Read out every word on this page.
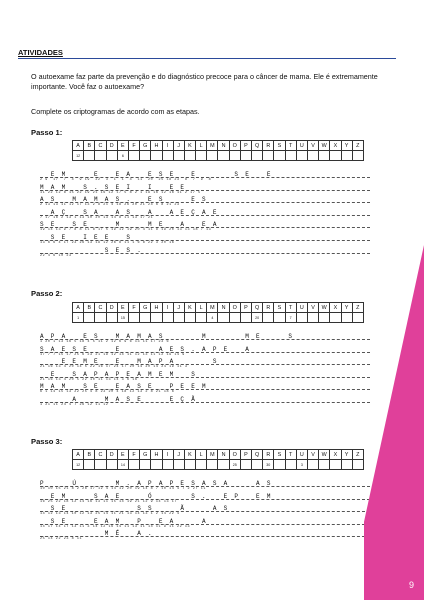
ATIVIDADES
O autoexame faz parte da prevenção e do diagnóstico precoce para o câncer de mama. Ele é extremamente importante. Você faz o autoexame?
Complete os criptogramas de acordo com as etapas.
Passo 1:
A	B	C	D	E	F	G	H	I	J	K	L	M	N	O	P	Q	R	S	T	U	V	W	X	Y	Z
12				6																					
E M     E   E A   E S E   E       S E   E
2 9  17  7  4  9 19  22  3  1  1  4  11  20  25 18 23  8  7  9  8
M A M   S . S E I   I   E E
11 22 12 8 15 22 19 21 16 12 17 5 8 2 1 19 16 12 16 11 2 17 5
A S   M A M A S .   E S     E S
2 13 13 11 12 17 13 2 8 21 4 18 26 20 21 24 6 8 21 23
A Ç   S A   A S   A   A E Ç A E
7 17 18 2 13 1 13 10 20 13 14 8 11 13 17 21
S E   S E     M     M E   A   E A
19 14 13 9 7 8 8 11 8 17 5 19 12 19 20 4 11 8 19 20 13 13 18 7 13
S E   I E E   S
13 6 6 4 17 23 26 13 19 12 26 8 11 1 6 8 22 3 20 16
S E S .
22 4 6 10 23
Passo 2:
A	B	C	D	E	F	G	H	I	J	K	L	M	N	O	P	Q	R	S	T	U	V	W	X	Y	Z
1				15								4				20			7						
A P A   E S   M A M A S       M       M E     S
1 20 1 13 16 5 18 4 5 11 2 12 6 9 6 13 11 17 23 6
S A E S E     E       A E S . A P E   A
17 7 7 15 17 25 6 23 21 19 12 14 11 12 13 11 12 19 14 9
E E M E   E   M A P A       S
21 16 13 4 20 14 5 22 16 17 24 17 20 14 20 14 24 19 11 3
E   S A P A P E A M E M   S
21 16 13 4 20 5 22 10 11 13 14 3 6 16
M A M   S E   E A S E   P E E M
6 1 14 15 13 22 25 4 8 23 20 4 18 12 13 2 8 21 18 6
A     M A S E     E Ç Ã
1 21 11 24 4 7 26 12 11 12
Passo 3:
A	B	C	D	E	F	G	H	I	J	K	L	M	N	O	P	Q	R	S	T	U	V	W	X	Y	Z
12				14										25			30			3					
P     Ú       M . A P A P E S A S A     A S
10 10 15 21 8 2 26 17 12 4 14 12 20 19 14 8 7 10 14 4 7 2 27 11
E M     S A E     Ó       S .   E P   E M
16 25 22 18 12 14 16 13 11 15 14 19 21 12 9 14 13 17
S E             S S     Ã     A S
14 12 13 14 10 12 13 25 14 11 21 13 14 13 1 2 14 22 4
S E     E A M   P   E A     A
14 17 14 17 13 11 3 14 12 16 14 11 13 11 14 11 9 11 22 13
M É   A .
25 14 22 23 8 11
9
